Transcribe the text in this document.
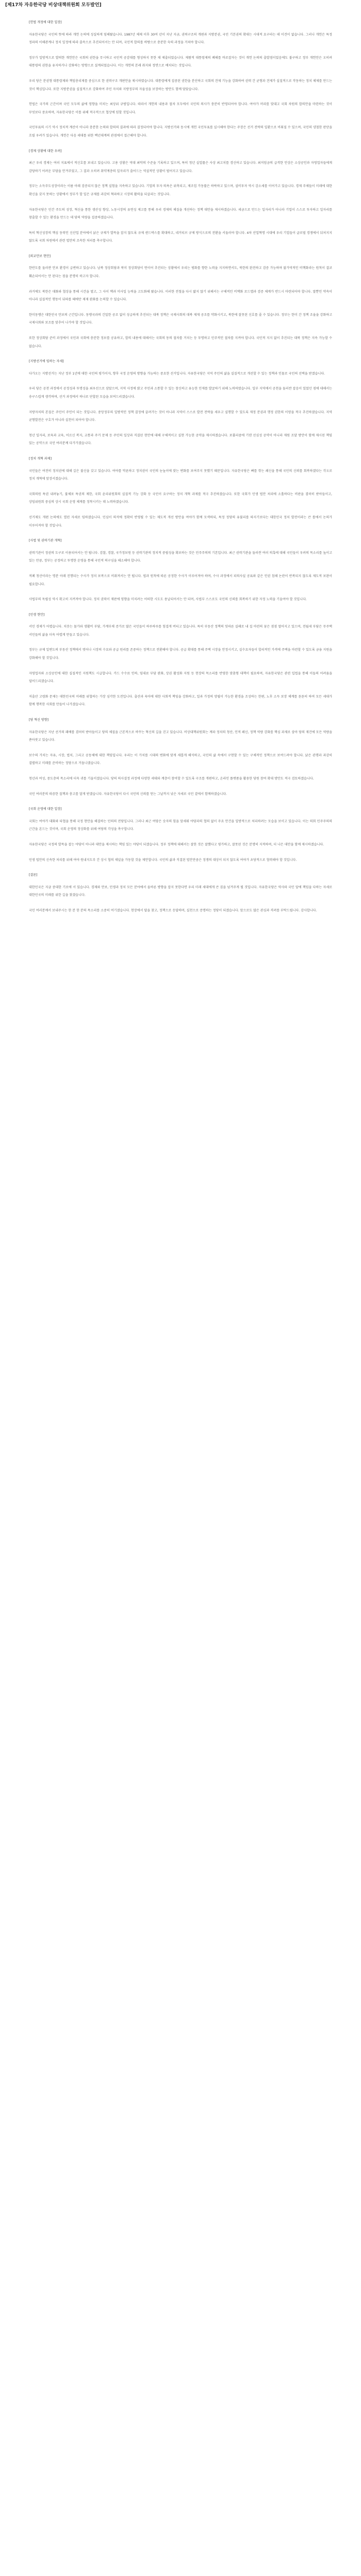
[제17차 자유한국당 비상대책위원회 모두발언]

[헌법 개정에 대한 입장]

자유한국당은 국민의 뜻에 따라 개헌 논의에 성실하게 임해왔습니다. 1987년 체제 이후 30여 년이 지난 지금, 권력구조의 개편과 지방분권, 국민 기본권의 확대는 시대적 요구라는 데 이견이 없습니다. 그러나 개헌은 특정 정파의 이해관계나 정치 일정에 따라 졸속으로 추진되어서는 안 되며, 국민적 합의를 바탕으로 충분한 숙의 과정을 거쳐야 합니다.

정부가 일방적으로 발의한 개헌안은 국회의 권한을 무시하고 국민적 공감대를 형성하지 못한 채 제출되었습니다. 제왕적 대통령제의 폐해를 바로잡자는 것이 개헌 논의의 출발점이었음에도 불구하고 정부 개헌안은 오히려 대통령의 권한을 유지하거나 강화하는 방향으로 설계되었습니다. 이는 개헌의 본래 취지와 정면으로 배치되는 것입니다.

우리 당은 분권형 대통령제와 책임총리제를 중심으로 한 권력구조 개편안을 제시하였습니다. 대통령에게 집중된 권한을 분산하고 국회의 견제 기능을 강화하여 권력 간 균형과 견제가 실질적으로 작동하는 정치 체제를 만드는 것이 핵심입니다. 또한 지방분권을 실질적으로 강화하여 주민 자치와 지방정부의 자율성을 보장하는 방안도 함께 담았습니다.

헌법은 국가의 근간이며 국민 모두의 삶에 영향을 미치는 최상위 규범입니다. 따라서 개헌의 내용과 절차 모두에서 국민의 의사가 충분히 반영되어야 합니다. 여야가 머리를 맞대고 국회 차원의 합의안을 마련하는 것이 무엇보다 중요하며, 자유한국당은 이를 위해 적극적으로 협상에 임할 것입니다.

국민투표의 시기 역시 정치적 계산이 아니라 충분한 논의와 합의의 결과에 따라 결정되어야 합니다. 지방선거와 동시에 개헌 국민투표를 실시해야 한다는 주장은 선거 전략의 일환으로 비춰질 수 있으며, 국민의 냉철한 판단을 흐릴 우려가 있습니다. 개헌은 다음 세대를 위한 백년대계의 관점에서 접근해야 합니다.

[경제 상황에 대한 우려]

최근 우리 경제는 여러 지표에서 적신호를 보내고 있습니다. 고용 상황은 역대 최악의 수준을 기록하고 있으며, 특히 청년 실업률은 사상 최고치를 경신하고 있습니다. 최저임금의 급격한 인상은 소상공인과 자영업자들에게 감당하기 어려운 부담을 안겨주었고, 그 결과 오히려 취약계층의 일자리가 줄어드는 역설적인 상황이 벌어지고 있습니다.

정부는 소득주도성장이라는 이름 아래 검증되지 않은 정책 실험을 지속하고 있습니다. 기업의 투자 의욕은 위축되고, 제조업 가동률은 하락하고 있으며, 설비투자 역시 감소세를 이어가고 있습니다. 경제 주체들이 미래에 대한 확신을 갖지 못하는 상황에서 정부가 할 일은 규제를 과감히 혁파하고 시장의 활력을 되살리는 것입니다.

자유한국당은 민간 주도의 성장, 혁신을 통한 생산성 향상, 노동시장의 유연성 제고를 통해 우리 경제의 체질을 개선하는 정책 대안을 제시하겠습니다. 세금으로 만드는 일자리가 아니라 기업이 스스로 투자하고 일자리를 창출할 수 있는 환경을 만드는 데 당의 역량을 집중하겠습니다.

특히 혁신성장의 핵심 동력인 신산업 분야에서 낡은 규제가 발목을 잡지 않도록 규제 샌드박스를 확대하고, 네거티브 규제 방식으로의 전환을 서둘러야 합니다. 4차 산업혁명 시대에 우리 기업들이 글로벌 경쟁에서 뒤처지지 않도록 국회 차원에서 관련 법안의 조속한 처리를 촉구합니다.

[외교안보 현안]

한반도를 둘러싼 안보 환경이 급변하고 있습니다. 남북 정상회담과 북미 정상회담이 연이어 추진되는 상황에서 우리는 평화를 향한 노력을 지지하면서도, 북한의 완전하고 검증 가능하며 불가역적인 비핵화라는 원칙이 결코 훼손되어서는 안 된다는 점을 분명히 하고자 합니다.

과거에도 북한은 대화와 협상을 통해 시간을 벌고, 그 사이 핵과 미사일 능력을 고도화해 왔습니다. 이러한 전철을 다시 밟지 않기 위해서는 구체적인 비핵화 로드맵과 검증 체계가 반드시 마련되어야 합니다. 말뿐인 약속이 아니라 실질적인 행동이 뒤따를 때에만 제재 완화를 논의할 수 있습니다.

한미동맹은 대한민국 안보의 근간입니다. 동맹국과의 긴밀한 공조 없이 성급하게 추진되는 대북 정책은 국제사회의 대북 제재 공조를 약화시키고, 북한에 잘못된 신호를 줄 수 있습니다. 정부는 한미 간 정책 조율을 강화하고 국제사회와 보조를 맞추어 나가야 할 것입니다.

또한 정상회담 준비 과정에서 국민과 국회에 충분한 정보를 공유하고, 합의 내용에 대해서는 국회의 동의 절차를 거치는 등 투명하고 민주적인 절차를 지켜야 합니다. 국민적 지지 없이 추진되는 대북 정책은 지속 가능할 수 없습니다.

[지방선거에 임하는 자세]

다가오는 지방선거는 지난 정부 1년에 대한 국민의 평가이자, 향후 국정 운영의 방향을 가늠하는 중요한 선거입니다. 자유한국당은 지역 주민의 삶을 실질적으로 개선할 수 있는 정책과 인물로 국민의 선택을 받겠습니다.

우리 당은 공천 과정에서 공정성과 투명성을 최우선으로 삼았으며, 지역 사정에 밝고 주민과 소통할 수 있는 참신하고 유능한 인재를 발굴하기 위해 노력하였습니다. 일부 지역에서 공천을 둘러싼 잡음이 있었던 점에 대해서는 송구스럽게 생각하며, 선거 과정에서 하나로 단합된 모습을 보여드리겠습니다.

지방자치의 본질은 주민이 주인이 되는 것입니다. 중앙정부의 일방적인 정책 결정에 끌려가는 것이 아니라 지역이 스스로 발전 전략을 세우고 실행할 수 있도록 재정 분권과 행정 권한의 이양을 적극 추진하겠습니다. 지역 균형발전은 구호가 아니라 실천이 되어야 합니다.

청년 일자리, 보육과 교육, 어르신 복지, 교통과 주거 문제 등 주민의 일상과 직결된 현안에 대해 구체적이고 실현 가능한 공약을 제시하겠습니다. 포퓰리즘에 기댄 선심성 공약이 아니라 재원 조달 방안이 함께 제시된 책임 있는 공약으로 국민 여러분께 다가가겠습니다.

[정치 개혁 과제]

국민들은 여전히 정치권에 대해 깊은 불신을 갖고 있습니다. 여야를 막론하고 정치권이 국민의 눈높이에 맞는 변화를 보여주지 못했기 때문입니다. 자유한국당은 뼈를 깎는 쇄신을 통해 국민의 신뢰를 회복하겠다는 각오로 정치 개혁에 앞장서겠습니다.

국회의원 특권 내려놓기, 불체포 특권의 제한, 국회 윤리위원회의 실질적 기능 강화 등 국민이 요구하는 정치 개혁 과제를 적극 추진하겠습니다. 또한 국회가 민생 법안 처리에 소홀하다는 비판을 겸허히 받아들이고, 상임위원회 중심의 상시 국회 운영 체계를 정착시키는 데 노력하겠습니다.

선거제도 개편 논의에도 열린 자세로 임하겠습니다. 민심이 의석에 정확히 반영될 수 있는 제도적 개선 방안을 여야가 함께 모색하되, 특정 정당의 유불리를 따지기보다는 대한민국 정치 발전이라는 큰 틀에서 논의가 이루어져야 할 것입니다.

[사법 및 권력기관 개혁]

권력기관이 정권의 도구로 이용되어서는 안 됩니다. 검찰, 경찰, 국가정보원 등 권력기관의 정치적 중립성을 확보하는 것은 민주주의의 기본입니다. 최근 권력기관을 둘러싼 여러 의혹에 대해 국민들이 우려의 목소리를 높이고 있는 만큼, 정부는 공정하고 투명한 운영을 통해 국민적 의구심을 해소해야 합니다.

적폐 청산이라는 명분 아래 진행되는 수사가 정치 보복으로 비춰져서는 안 됩니다. 법과 원칙에 따른 공정한 수사가 이루어져야 하며, 수사 과정에서 피의사실 공표와 같은 인권 침해 논란이 반복되지 않도록 제도적 보완이 필요합니다.

사법부의 독립성 역시 확고히 지켜져야 합니다. 정치 권력이 재판에 영향을 미치려는 어떠한 시도도 용납되어서는 안 되며, 사법부 스스로도 국민의 신뢰를 회복하기 위한 자정 노력을 기울여야 할 것입니다.

[민생 현안]

서민 경제가 어렵습니다. 치솟는 물가와 생활비 부담, 가계부채 증가로 많은 국민들이 하루하루를 힘겹게 버티고 있습니다. 특히 부동산 정책의 잇따른 실패로 내 집 마련의 꿈은 점점 멀어지고 있으며, 전월세 부담은 무주택 서민들의 삶을 더욱 어렵게 만들고 있습니다.

정부는 규제 일변도의 부동산 정책에서 벗어나 시장의 수요와 공급 원리를 존중하는 정책으로 전환해야 합니다. 공급 확대를 통해 주택 시장을 안정시키고, 실수요자들이 합리적인 가격에 주택을 마련할 수 있도록 금융 지원을 강화해야 할 것입니다.

자영업자와 소상공인에 대한 실질적인 지원책도 시급합니다. 카드 수수료 인하, 임대료 부담 완화, 상권 활성화 지원 등 현장의 목소리를 반영한 맞춤형 대책이 필요하며, 자유한국당은 관련 입법을 통해 이들의 어려움을 덜어드리겠습니다.

저출산 고령화 문제는 대한민국의 미래를 위협하는 가장 심각한 도전입니다. 출산과 육아에 대한 사회적 책임을 강화하고, 일과 가정의 양립이 가능한 환경을 조성하는 한편, 노후 소득 보장 체계를 튼튼히 하여 모든 세대가 함께 행복한 사회를 만들어 나가겠습니다.

[당 혁신 방향]

자유한국당은 지난 선거의 패배를 겸허히 받아들이고 당의 체질을 근본적으로 바꾸는 혁신의 길을 걷고 있습니다. 비상대책위원회는 계파 정치의 청산, 인적 쇄신, 정책 역량 강화를 핵심 과제로 삼아 당의 재건에 모든 역량을 쏟아붓고 있습니다.

보수의 가치는 자유, 시장, 법치, 그리고 공동체에 대한 책임입니다. 우리는 이 가치를 시대의 변화에 맞게 새롭게 해석하고, 국민의 삶 속에서 구현할 수 있는 구체적인 정책으로 보여드려야 합니다. 낡은 관행과 과감히 결별하고 미래를 준비하는 정당으로 거듭나겠습니다.

청년과 여성, 중도층의 목소리에 더욱 귀를 기울이겠습니다. 당의 의사결정 과정에 다양한 세대와 계층이 참여할 수 있도록 구조를 개편하고, 온라인 플랫폼을 활용한 당원 참여 확대 방안도 적극 검토하겠습니다.

국민 여러분의 따끔한 질책과 충고를 달게 받겠습니다. 자유한국당이 다시 국민의 신뢰를 얻는 그날까지 낮은 자세로 국민 곁에서 함께하겠습니다.

[국회 운영에 대한 입장]

국회는 여야가 대화와 타협을 통해 국정 현안을 해결하는 민의의 전당입니다. 그러나 최근 여당은 숫자의 힘을 앞세워 야당과의 협의 없이 주요 안건을 일방적으로 처리하려는 모습을 보이고 있습니다. 이는 의회 민주주의의 근간을 흔드는 것이며, 국회 운영의 정상화를 위해 여당의 각성을 촉구합니다.

자유한국당은 국정의 발목을 잡는 야당이 아니라 대안을 제시하는 책임 있는 야당이 되겠습니다. 정부 정책에 대해서는 잘한 것은 잘했다고 평가하고, 잘못된 것은 분명히 지적하며, 더 나은 대안을 함께 제시하겠습니다.

민생 법안의 신속한 처리를 위해 여야 원내지도부 간 상시 협의 채널을 가동할 것을 제안합니다. 국민의 삶과 직결된 법안만큼은 정쟁의 대상이 되지 않도록 여야가 초당적으로 협력해야 할 것입니다.

[결론]

대한민국은 지금 중대한 기로에 서 있습니다. 경제와 안보, 민생과 정치 모든 분야에서 올바른 방향을 잡지 못한다면 우리 미래 세대에게 큰 짐을 넘겨주게 될 것입니다. 자유한국당은 역사와 국민 앞에 책임을 다하는 자세로 대한민국의 미래를 위한 길을 찾겠습니다.

국민 여러분께서 보내주시는 한 분 한 분의 목소리를 소중히 여기겠습니다. 현장에서 답을 찾고, 정책으로 응답하며, 실천으로 증명하는 정당이 되겠습니다. 앞으로도 많은 관심과 격려를 부탁드립니다. 감사합니다.
